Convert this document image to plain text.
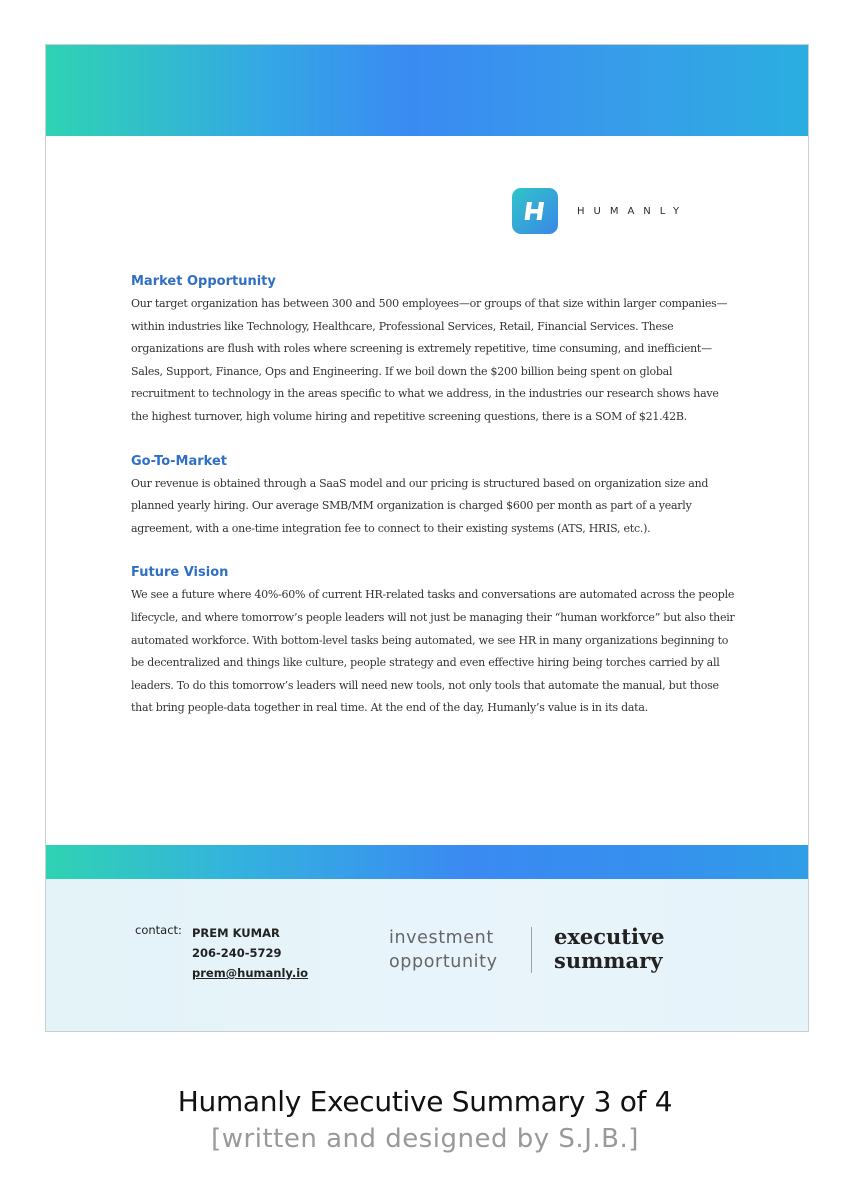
HUMANLY
Market Opportunity

Our target organization has between 300 and 500 employees—or groups of that size within larger companies—within industries like Technology, Healthcare, Professional Services, Retail, Financial Services. These organizations are flush with roles where screening is extremely repetitive, time consuming, and inefficient—Sales, Support, Finance, Ops and Engineering. If we boil down the $200 billion being spent on global recruitment to technology in the areas specific to what we address, in the industries our research shows have the highest turnover, high volume hiring and repetitive screening questions, there is a SOM of $21.42B.

Go-To-Market

Our revenue is obtained through a SaaS model and our pricing is structured based on organization size and planned yearly hiring. Our average SMB/MM organization is charged $600 per month as part of a yearly agreement, with a one-time integration fee to connect to their existing systems (ATS, HRIS, etc.).

Future Vision

We see a future where 40%-60% of current HR-related tasks and conversations are automated across the people lifecycle, and where tomorrow’s people leaders will not just be managing their “human workforce” but also their automated workforce. With bottom-level tasks being automated, we see HR in many organizations beginning to be decentralized and things like culture, people strategy and even effective hiring being torches carried by all leaders. To do this tomorrow’s leaders will need new tools, not only tools that automate the manual, but those that bring people-data together in real time. At the end of the day, Humanly’s value is in its data.

contact: PREM KUMAR
206-240-5729
prem@humanly.io
investment
opportunity
executive
summary
Humanly Executive Summary 3 of 4
[written and designed by S.J.B.]
